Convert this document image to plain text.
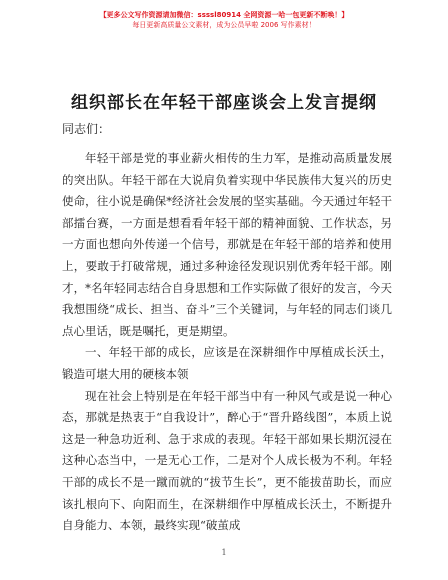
【更多公文写作资源请加微信：ssssl80914 全网资源一哈一包更新不断唤！】
每日更新高质量公文素材，成为公员早啦 2006 写作素材！
组织部长在年轻干部座谈会上发言提纲
同志们：

年轻干部是党的事业薪火相传的生力军，是推动高质量发展的突出队。年轻干部在大说肩负着实现中华民族伟大复兴的历史使命，往小说是确保*经济社会发展的坚实基础。今天通过年轻干部擂台赛，一方面是想看看年轻干部的精神面貌、工作状态，另一方面也想向外传递一个信号，那就是在年轻干部的培养和使用上，要敢于打破常规，通过多种途径发现识别优秀年轻干部。刚才，*名年轻同志结合自身思想和工作实际做了很好的发言，今天我想围绕“成长、担当、奋斗”三个关键词，与年轻的同志们谈几点心里话，既是嘱托，更是期望。

一、年轻干部的成长，应该是在深耕细作中厚植成长沃土，锻造可堪大用的硬核本领

现在社会上特别是在年轻干部当中有一种风气或是说一种心态，那就是热衷于“自我设计”，醉心于“晋升路线图”，本质上说这是一种急功近利、急于求成的表现。年轻干部如果长期沉浸在这种心态当中，一是无心工作，二是对个人成长极为不利。年轻干部的成长不是一蹴而就的“拔节生长”，更不能拔苗助长，而应该扎根向下、向阳而生，在深耕细作中厚植成长沃土，不断提升自身能力、本领，最终实现“破茧成

1
